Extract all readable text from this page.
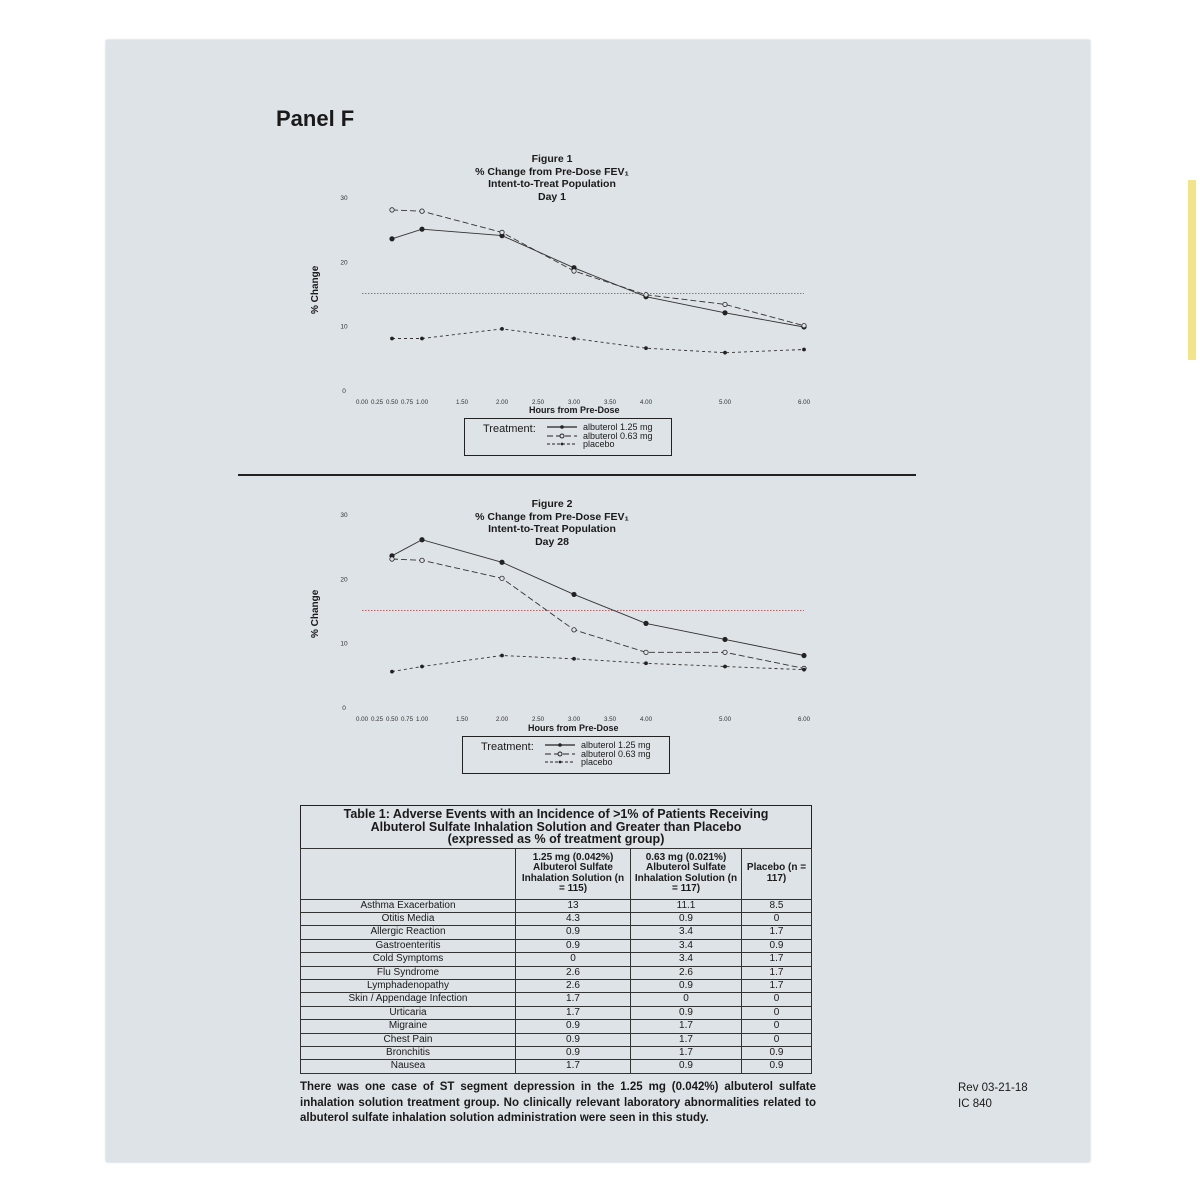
Panel F
Figure 1
% Change from Pre-Dose FEV₁
Intent-to-Treat Population
Day 1
% Change
0
10
20
30
0.00 0.25 0.50 0.75 1.00	1.50	2.00	2.50	3.00	3.50	4.00	5.00	6.00
Hours from Pre-Dose
Treatment:	albuterol 1.25 mg
albuterol 0.63 mg
placebo
Figure 2
% Change from Pre-Dose FEV₁
Intent-to-Treat Population
Day 28
% Change
0
10
20
30
0.00 0.25 0.50 0.75 1.00	1.50	2.00	2.50	3.00	3.50	4.00	5.00	6.00
Hours from Pre-Dose
Treatment:	albuterol 1.25 mg
albuterol 0.63 mg
placebo
Table 1: Adverse Events with an Incidence of >1% of Patients Receiving
Albuterol Sulfate Inhalation Solution and Greater than Placebo
(expressed as % of treatment group)
	1.25 mg (0.042%) Albuterol Sulfate Inhalation Solution (n = 115)	0.63 mg (0.021%) Albuterol Sulfate Inhalation Solution (n = 117)	Placebo (n = 117)
Asthma Exacerbation	13	11.1	8.5
Otitis Media	4.3	0.9	0
Allergic Reaction	0.9	3.4	1.7
Gastroenteritis	0.9	3.4	0.9
Cold Symptoms	0	3.4	1.7
Flu Syndrome	2.6	2.6	1.7
Lymphadenopathy	2.6	0.9	1.7
Skin / Appendage Infection	1.7	0	0
Urticaria	1.7	0.9	0
Migraine	0.9	1.7	0
Chest Pain	0.9	1.7	0
Bronchitis	0.9	1.7	0.9
Nausea	1.7	0.9	0.9
There was one case of ST segment depression in the 1.25 mg (0.042%) albuterol sulfate inhalation solution treatment group. No clinically relevant laboratory abnormalities related to albuterol sulfate inhalation solution administration were seen in this study.
Rev 03-21-18
IC 840
